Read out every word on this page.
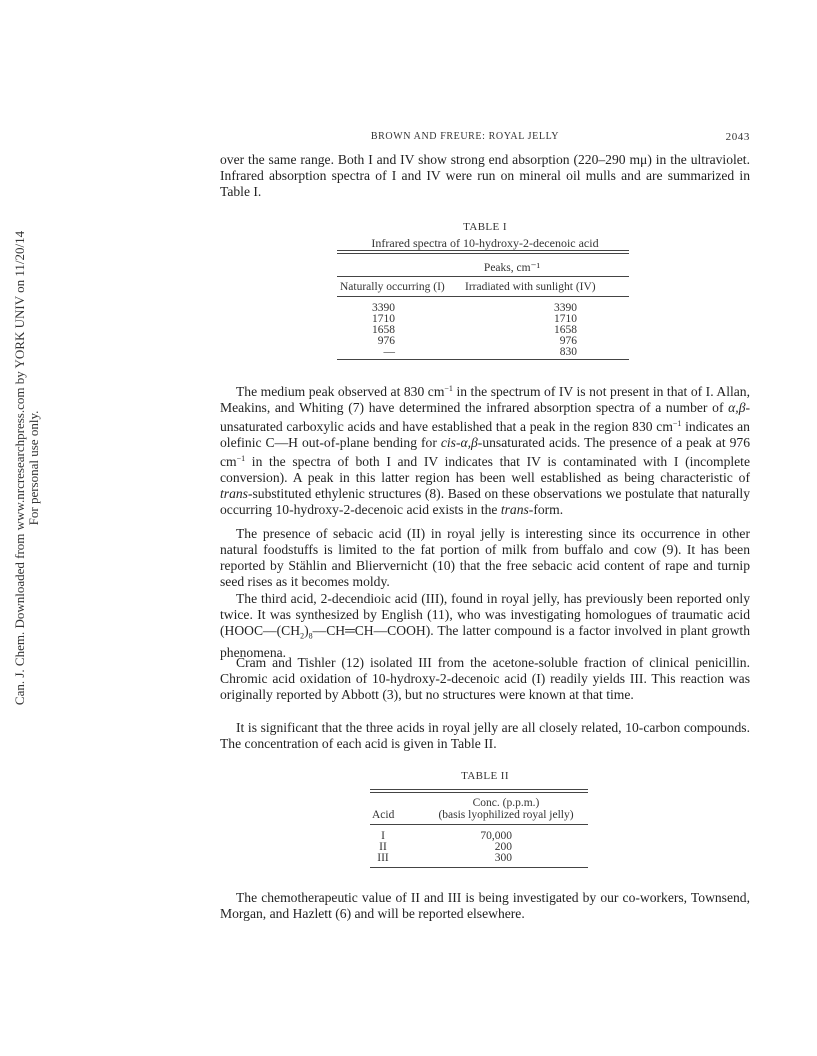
Can. J. Chem. Downloaded from www.nrcresearchpress.com by YORK UNIV on 11/20/14 For personal use only.
BROWN AND FREURE: ROYAL JELLY	2043

over the same range. Both I and IV show strong end absorption (220–290 mμ) in the ultraviolet. Infrared absorption spectra of I and IV were run on mineral oil mulls and are summarized in Table I.

TABLE I
Infrared spectra of 10-hydroxy-2-decenoic acid
Peaks, cm⁻¹
Naturally occurring (I) Irradiated with sunlight (IV)
3390	3390
1710	1710
1658	1658
976	976
—	830

The medium peak observed at 830 $cm^{-1}$ in the spectrum of IV is not present in that of I. Allan, Meakins, and Whiting (7) have determined the infrared absorption spectra of a number of α,β-unsaturated carboxylic acids and have established that a peak in the region 830 $cm^{-1}$ indicates an olefinic C—H out-of-plane bending for cis-α,β-unsaturated acids. The presence of a peak at 976 $cm^{-1}$ in the spectra of both I and IV indicates that IV is contaminated with I (incomplete conversion). A peak in this latter region has been well established as being characteristic of trans-substituted ethylenic structures (8). Based on these observations we postulate that naturally occurring 10-hydroxy-2-decenoic acid exists in the trans-form.

The presence of sebacic acid (II) in royal jelly is interesting since its occurrence in other natural foodstuffs is limited to the fat portion of milk from buffalo and cow (9). It has been reported by Stählin and Bliervernicht (10) that the free sebacic acid content of rape and turnip seed rises as it becomes moldy.

The third acid, 2-decendioic acid (III), found in royal jelly, has previously been reported only twice. It was synthesized by English (11), who was investigating homologues of traumatic acid $(HOOC—(CH_2)_8—CH═CH—COOH)$. The latter compound is a factor involved in plant growth phenomena.

Cram and Tishler (12) isolated III from the acetone-soluble fraction of clinical penicillin. Chromic acid oxidation of 10-hydroxy-2-decenoic acid (I) readily yields III. This reaction was originally reported by Abbott (3), but no structures were known at that time.

It is significant that the three acids in royal jelly are all closely related, 10-carbon compounds. The concentration of each acid is given in Table II.

TABLE II
Conc. (p.p.m.)
Acid	(basis lyophilized royal jelly)
I	70,000
II	200
III	300

The chemotherapeutic value of II and III is being investigated by our co-workers, Townsend, Morgan, and Hazlett (6) and will be reported elsewhere.
